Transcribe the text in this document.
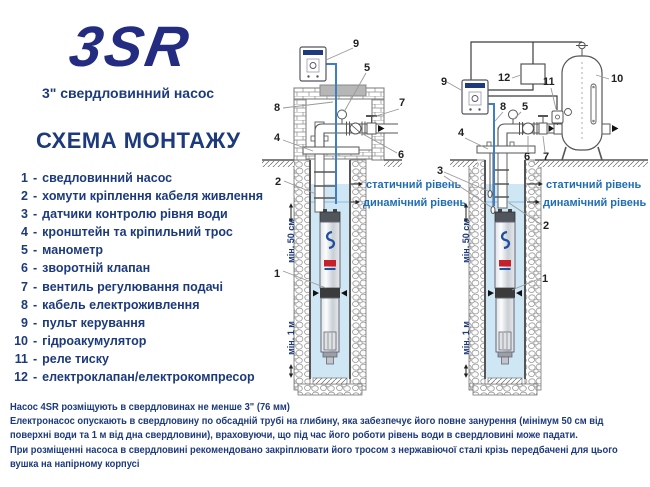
3SR
3" свердловинний насос
СХЕМА МОНТАЖУ
1 - сведловинний насос
2 - хомути кріплення кабеля живлення
3 - датчики контролю рівня води
4 - кронштейн та кріпильний трос
5 - манометр
6 - зворотній клапан
7 - вентиль регулювання подачі
8 - кабель електроживлення
9 - пульт керування
10 - гідроакумулятор
11 - реле тиску
12 - електроклапан/електрокомпресор
мін. 50 см
мін. 1 м
статичний рівень
динамічний рівень
9
5
8	7
4
6
2
1
мін. 50 см
мін. 1 м
статичний рівень
динамічний рівень
9	12	11	10
8 5
4
3
6 7
2
1

Насос 4SR розміщують в свердловинах не менше 3" (76 мм)

Електронасос опускають в свердловину по обсадній трубі на глибину, яка забезпечує його повне занурення (мінімум 50 см від поверхні води та 1 м від дна свердловини), враховуючи, що під час його роботи рівень води в свердловині може падати.

При розміщенні насоса в свердловині рекомендовано закріплювати його тросом з нержавіючої сталі крізь передбачені для цього вушка на напірному корпусі
